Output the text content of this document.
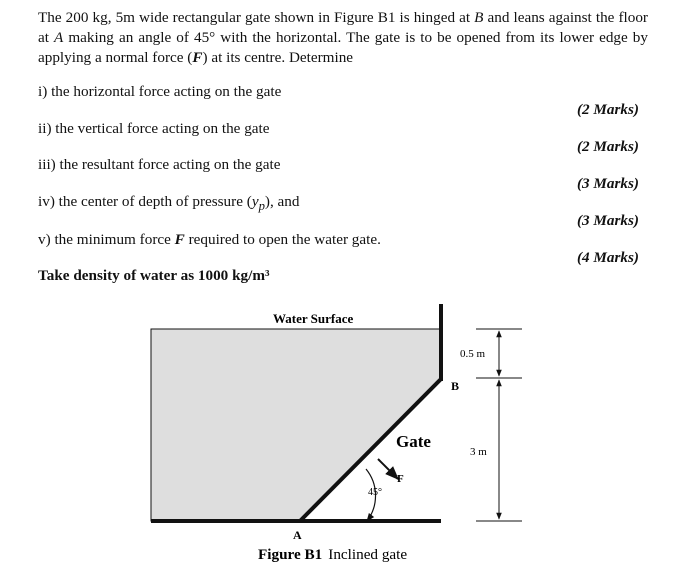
The 200 kg, 5m wide rectangular gate shown in Figure B1 is hinged at B and leans against the floor at A making an angle of 45° with the horizontal. The gate is to be opened from its lower edge by applying a normal force (F) at its centre. Determine

i) the horizontal force acting on the gate

(2 Marks)

ii) the vertical force acting on the gate

(2 Marks)

iii) the resultant force acting on the gate

(3 Marks)

iv) the center of depth of pressure $(y_p)$, and

(3 Marks)

v) the minimum force F required to open the water gate.

(4 Marks)

Take density of water as 1000 kg/m³

Water Surface
Gate
F
45°
A
B
0.5 m
3 m
Figure B1 Inclined gate
